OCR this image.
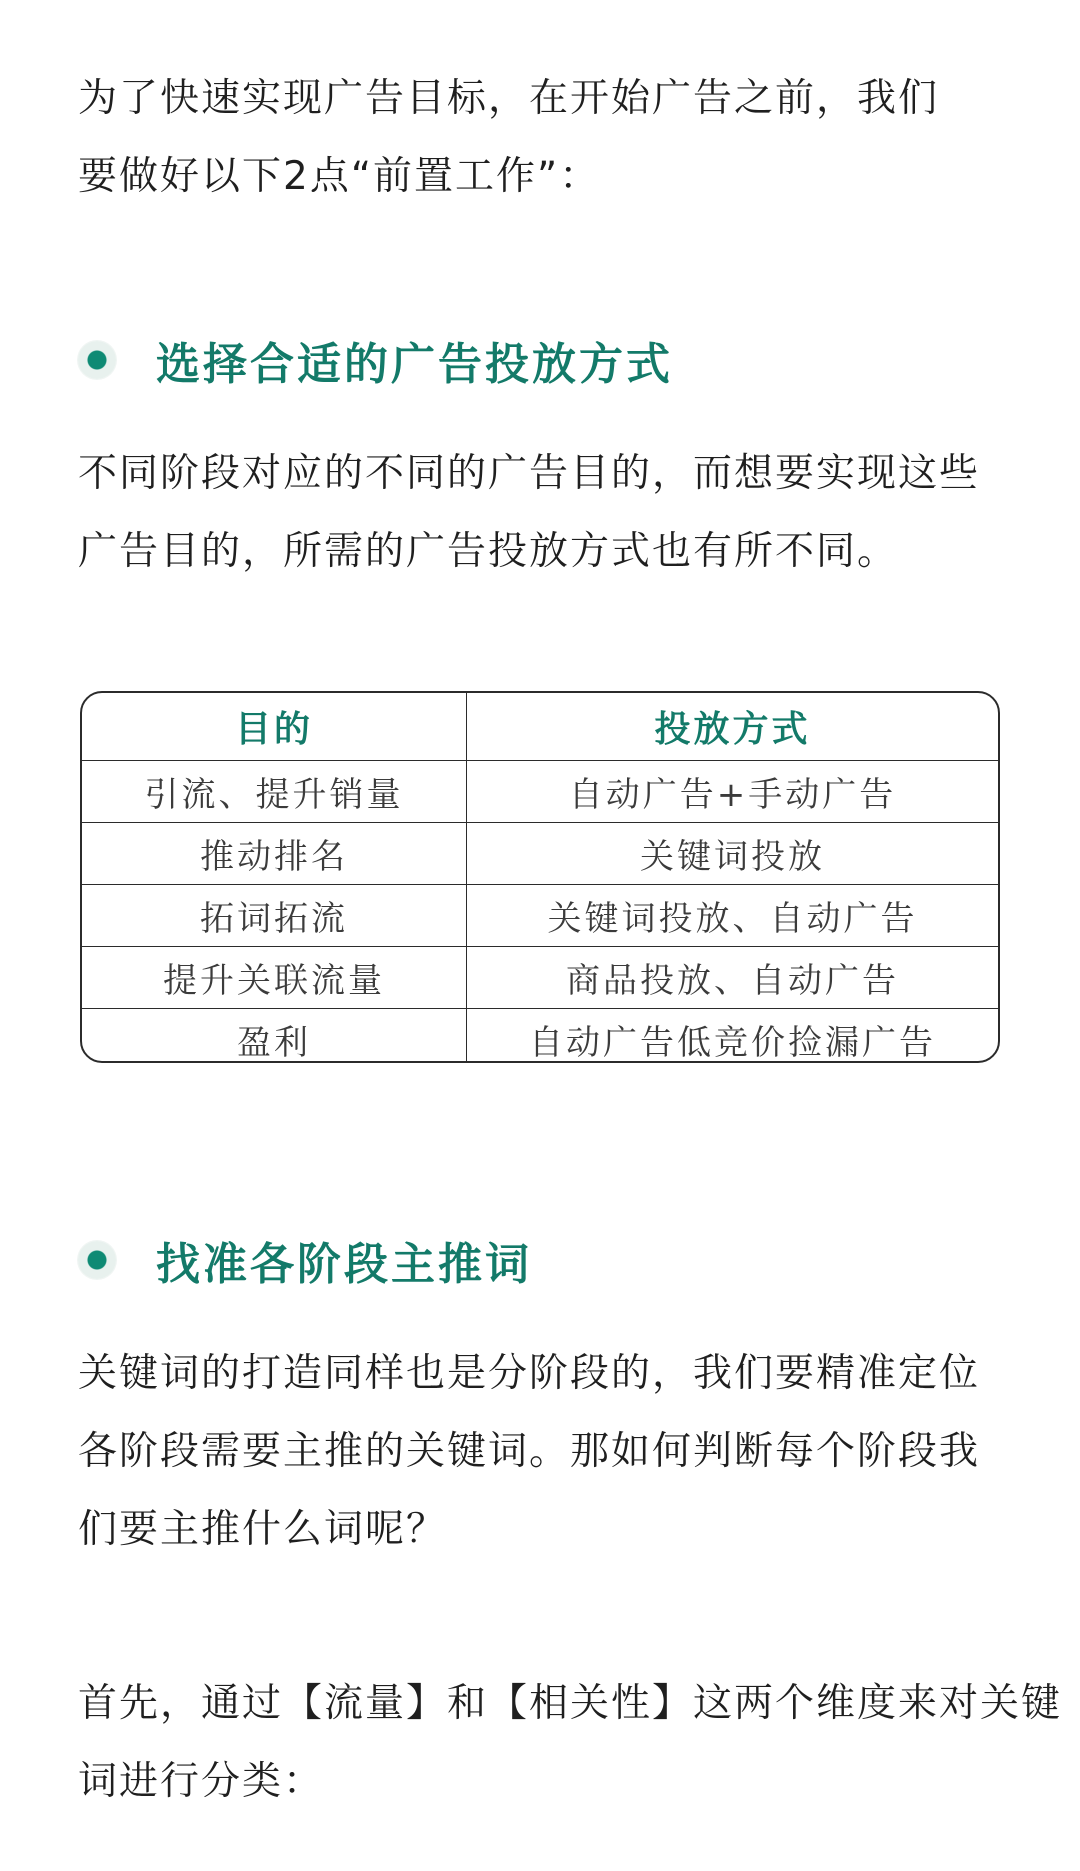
为了快速实现广告目标，在开始广告之前，我们
要做好以下2点“前置工作”：

选择合适的广告投放方式

不同阶段对应的不同的广告目的，而想要实现这些
广告目的，所需的广告投放方式也有所不同。

目的	投放方式
引流、提升销量	自动广告+手动广告
推动排名	关键词投放
拓词拓流	关键词投放、自动广告
提升关联流量	商品投放、自动广告
盈利	自动广告低竞价捡漏广告
找准各阶段主推词

关键词的打造同样也是分阶段的，我们要精准定位
各阶段需要主推的关键词。那如何判断每个阶段我
们要主推什么词呢？

首先，通过【流量】和【相关性】这两个维度来对关键
词进行分类：
